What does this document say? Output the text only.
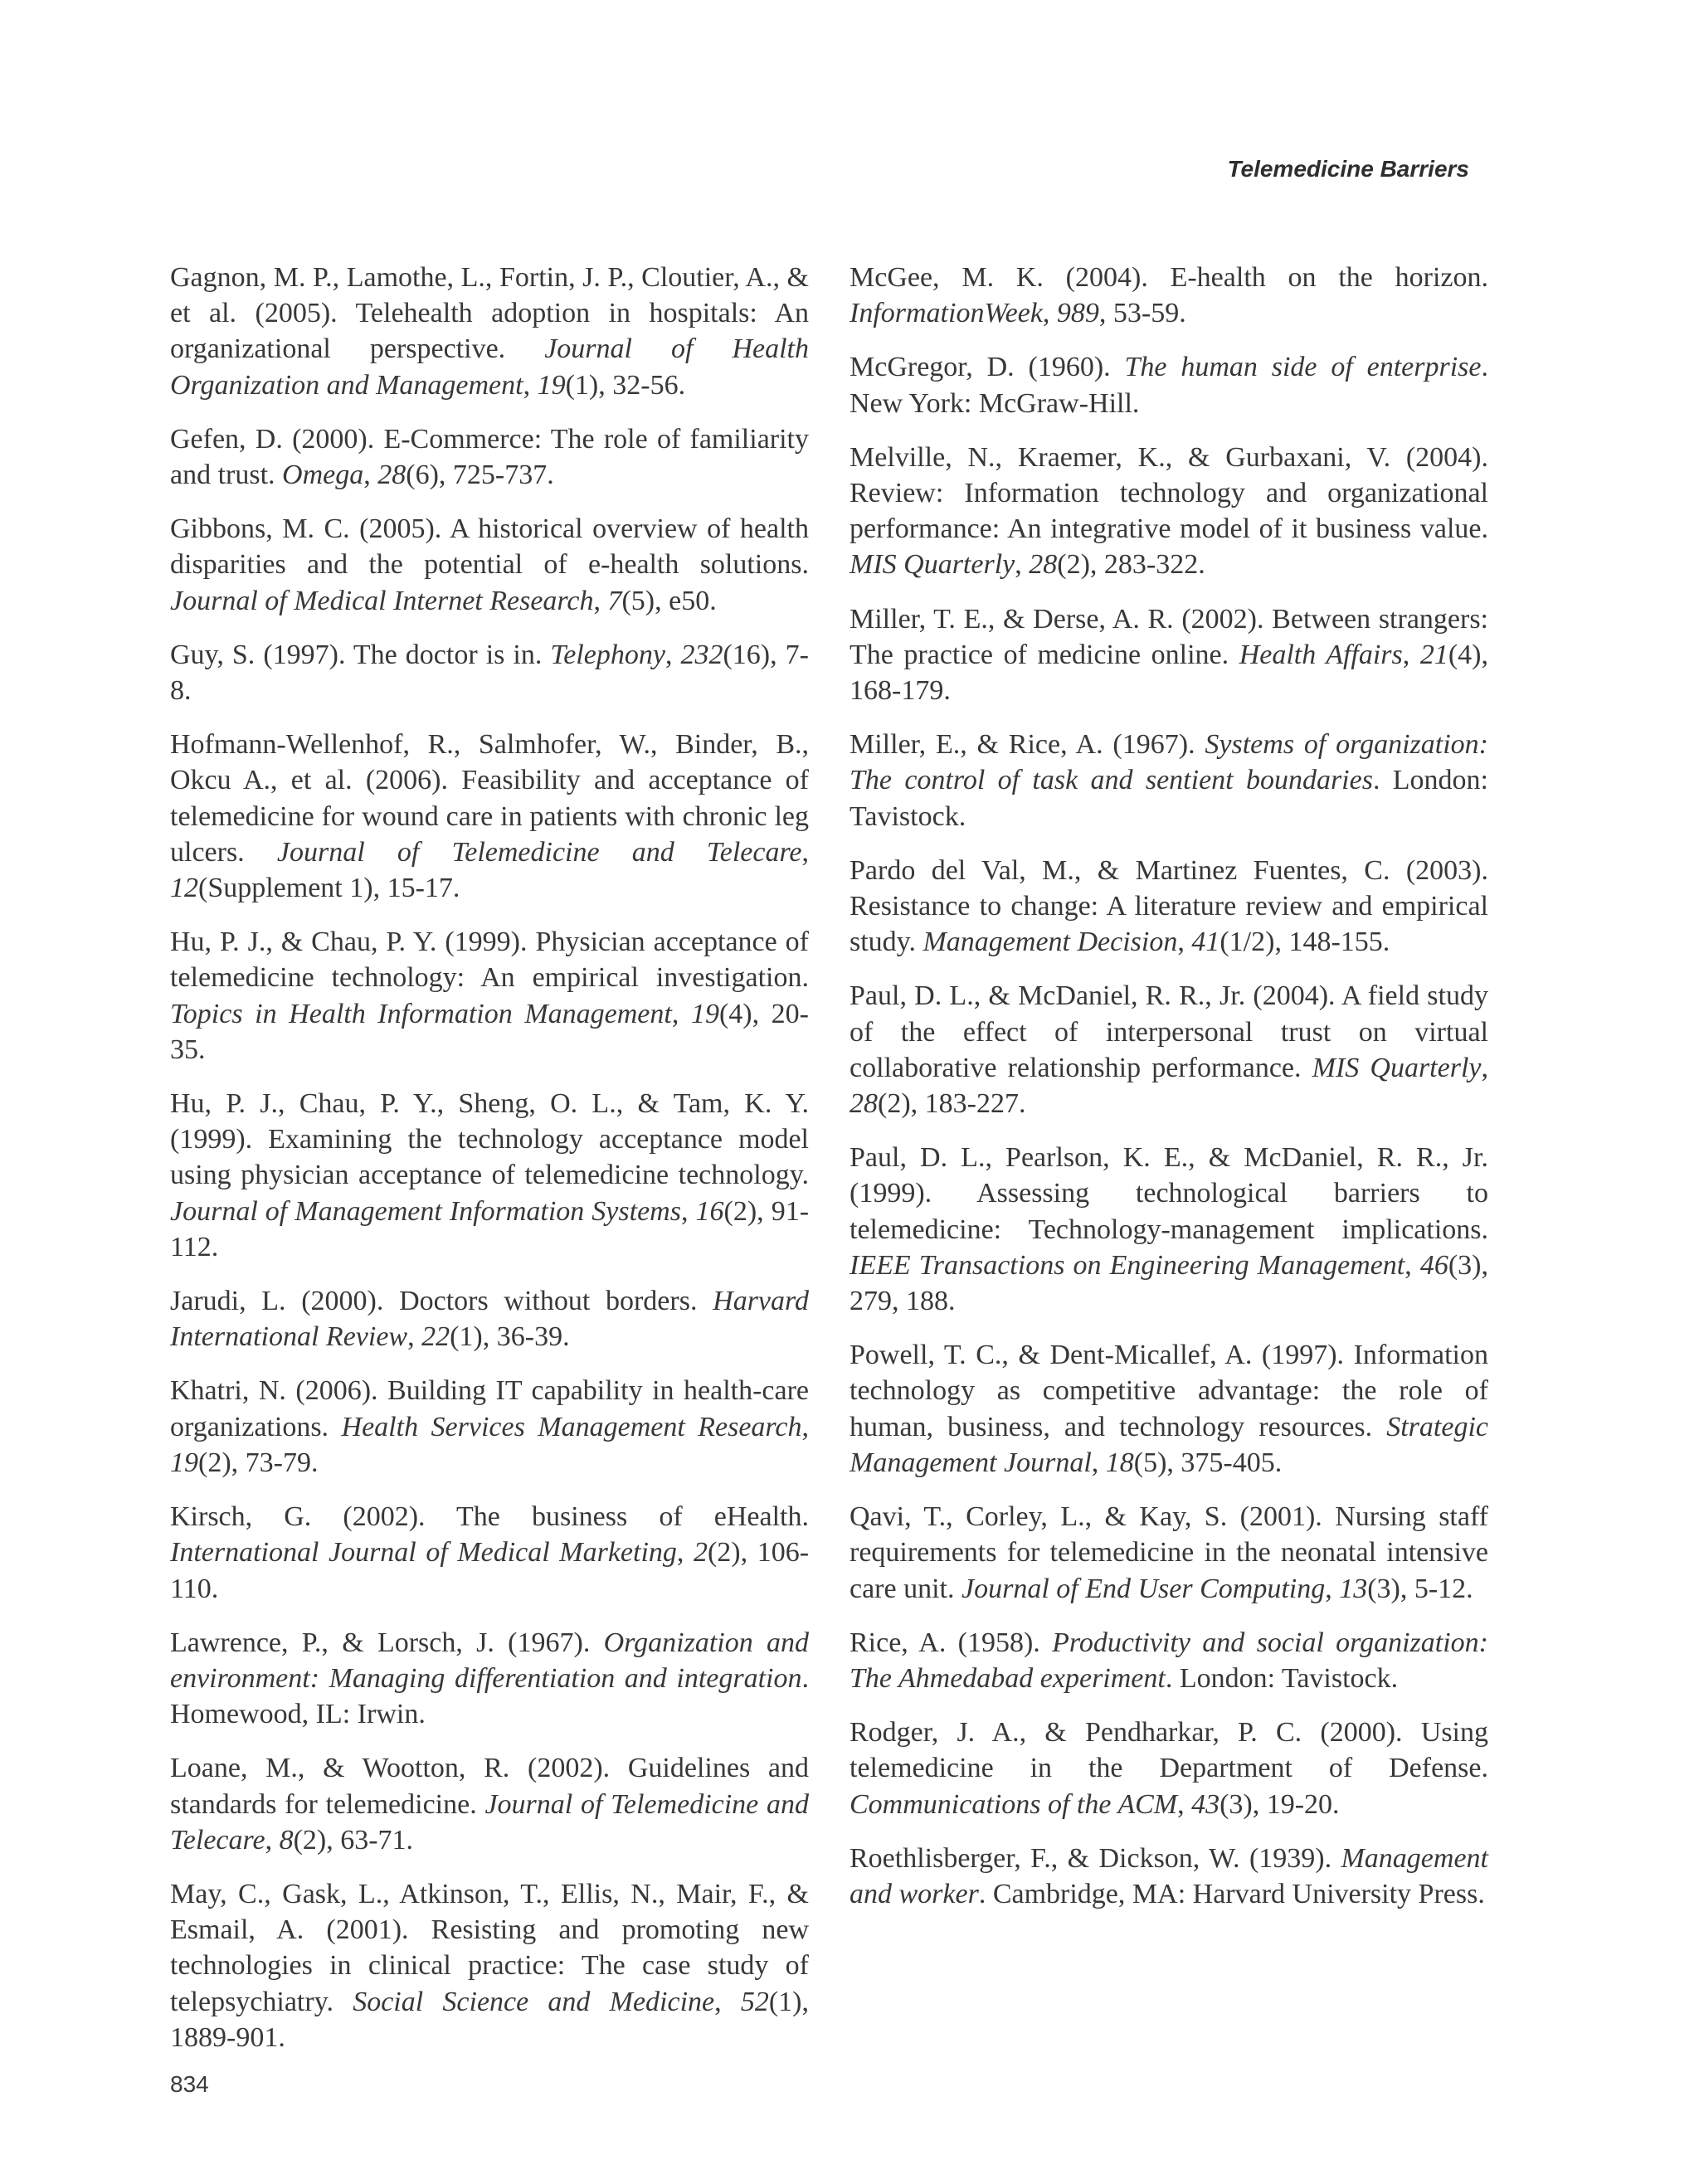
Telemedicine Barriers

Gagnon, M. P., Lamothe, L., Fortin, J. P., Cloutier, A., & et al. (2005). Telehealth adoption in hospitals: An organizational perspective. Journal of Health Organization and Management, 19(1), 32-56.

Gefen, D. (2000). E-Commerce: The role of familiarity and trust. Omega, 28(6), 725-737.

Gibbons, M. C. (2005). A historical overview of health disparities and the potential of e-health solutions. Journal of Medical Internet Research, 7(5), e50.

Guy, S. (1997). The doctor is in. Telephony, 232(16), 7-8.

Hofmann-Wellenhof, R., Salmhofer, W., Binder, B., Okcu A., et al. (2006). Feasibility and acceptance of telemedicine for wound care in patients with chronic leg ulcers. Journal of Telemedicine and Telecare, 12(Supplement 1), 15-17.

Hu, P. J., & Chau, P. Y. (1999). Physician acceptance of telemedicine technology: An empirical investigation. Topics in Health Information Management, 19(4), 20-35.

Hu, P. J., Chau, P. Y., Sheng, O. L., & Tam, K. Y. (1999). Examining the technology acceptance model using physician acceptance of telemedicine technology. Journal of Management Information Systems, 16(2), 91-112.

Jarudi, L. (2000). Doctors without borders. Harvard International Review, 22(1), 36-39.

Khatri, N. (2006). Building IT capability in health-care organizations. Health Services Management Research, 19(2), 73-79.

Kirsch, G. (2002). The business of eHealth. International Journal of Medical Marketing, 2(2), 106-110.

Lawrence, P., & Lorsch, J. (1967). Organization and environment: Managing differentiation and integration. Homewood, IL: Irwin.

Loane, M., & Wootton, R. (2002). Guidelines and standards for telemedicine. Journal of Telemedicine and Telecare, 8(2), 63-71.

May, C., Gask, L., Atkinson, T., Ellis, N., Mair, F., & Esmail, A. (2001). Resisting and promoting new technologies in clinical practice: The case study of telepsychiatry. Social Science and Medicine, 52(1), 1889-901.

McGee, M. K. (2004). E-health on the horizon. InformationWeek, 989, 53-59.

McGregor, D. (1960). The human side of enterprise. New York: McGraw-Hill.

Melville, N., Kraemer, K., & Gurbaxani, V. (2004). Review: Information technology and organizational performance: An integrative model of it business value. MIS Quarterly, 28(2), 283-322.

Miller, T. E., & Derse, A. R. (2002). Between strangers: The practice of medicine online. Health Affairs, 21(4), 168-179.

Miller, E., & Rice, A. (1967). Systems of organization: The control of task and sentient boundaries. London: Tavistock.

Pardo del Val, M., & Martinez Fuentes, C. (2003). Resistance to change: A literature review and empirical study. Management Decision, 41(1/2), 148-155.

Paul, D. L., & McDaniel, R. R., Jr. (2004). A field study of the effect of interpersonal trust on virtual collaborative relationship performance. MIS Quarterly, 28(2), 183-227.

Paul, D. L., Pearlson, K. E., & McDaniel, R. R., Jr. (1999). Assessing technological barriers to telemedicine: Technology-management implications. IEEE Transactions on Engineering Management, 46(3), 279, 188.

Powell, T. C., & Dent-Micallef, A. (1997). Information technology as competitive advantage: the role of human, business, and technology resources. Strategic Management Journal, 18(5), 375-405.

Qavi, T., Corley, L., & Kay, S. (2001). Nursing staff requirements for telemedicine in the neonatal intensive care unit. Journal of End User Computing, 13(3), 5-12.

Rice, A. (1958). Productivity and social organization: The Ahmedabad experiment. London: Tavistock.

Rodger, J. A., & Pendharkar, P. C. (2000). Using telemedicine in the Department of Defense. Communications of the ACM, 43(3), 19-20.

Roethlisberger, F., & Dickson, W. (1939). Management and worker. Cambridge, MA: Harvard University Press.

834
